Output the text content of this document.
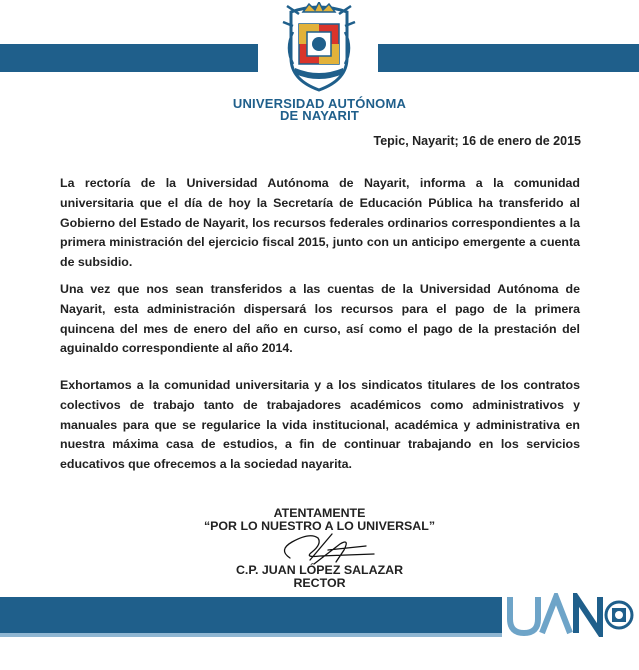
UNIVERSIDAD AUTÓNOMA
DE NAYARIT
Tepic, Nayarit; 16 de enero de 2015

La rectoría de la Universidad Autónoma de Nayarit, informa a la comunidad universitaria que el día de hoy la Secretaría de Educación Pública ha transferido al Gobierno del Estado de Nayarit, los recursos federales ordinarios correspondientes a la primera ministración del ejercicio fiscal 2015, junto con un anticipo emergente a cuenta de subsidio.

Una vez que nos sean transferidos a las cuentas de la Universidad Autónoma de Nayarit, esta administración dispersará los recursos para el pago de la primera quincena del mes de enero del año en curso, así como el pago de la prestación del aguinaldo correspondiente al año 2014.

Exhortamos a la comunidad universitaria y a los sindicatos titulares de los contratos colectivos de trabajo tanto de trabajadores académicos como administrativos y manuales para que se regularice la vida institucional, académica y administrativa en nuestra máxima casa de estudios, a fin de continuar trabajando en los servicios educativos que ofrecemos a la sociedad nayarita.

ATENTAMENTE
“POR LO NUESTRO A LO UNIVERSAL”
C.P. JUAN LÓPEZ SALAZAR
RECTOR
